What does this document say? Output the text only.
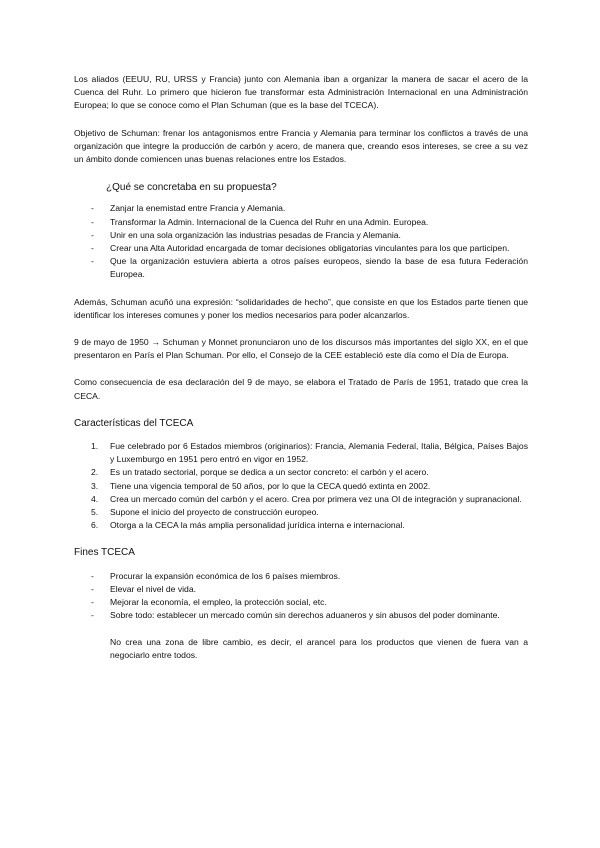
Los aliados (EEUU, RU, URSS y Francia) junto con Alemania iban a organizar la manera de sacar el acero de la Cuenca del Ruhr. Lo primero que hicieron fue transformar esta Administración Internacional en una Administración Europea; lo que se conoce como el Plan Schuman (que es la base del TCECA).

Objetivo de Schuman: frenar los antagonismos entre Francia y Alemania para terminar los conflictos a través de una organización que integre la producción de carbón y acero, de manera que, creando esos intereses, se cree a su vez un ámbito donde comiencen unas buenas relaciones entre los Estados.

¿Qué se concretaba en su propuesta?
- Zanjar la enemistad entre Francia y Alemania.
- Transformar la Admin. Internacional de la Cuenca del Ruhr en una Admin. Europea.
- Unir en una sola organización las industrias pesadas de Francia y Alemania.
- Crear una Alta Autoridad encargada de tomar decisiones obligatorias vinculantes para los que participen.
- Que la organización estuviera abierta a otros países europeos, siendo la base de esa futura Federación Europea.

Además, Schuman acuñó una expresión: “solidaridades de hecho”, que consiste en que los Estados parte tienen que identificar los intereses comunes y poner los medios necesarios para poder alcanzarlos.

9 de mayo de 1950 → Schuman y Monnet pronunciaron uno de los discursos más importantes del siglo XX, en el que presentaron en París el Plan Schuman. Por ello, el Consejo de la CEE estableció este día como el Día de Europa.

Como consecuencia de esa declaración del 9 de mayo, se elabora el Tratado de París de 1951, tratado que crea la CECA.

Características del TCECA
1. Fue celebrado por 6 Estados miembros (originarios): Francia, Alemania Federal, Italia, Bélgica, Países Bajos y Luxemburgo en 1951 pero entró en vigor en 1952.
2. Es un tratado sectorial, porque se dedica a un sector concreto: el carbón y el acero.
3. Tiene una vigencia temporal de 50 años, por lo que la CECA quedó extinta en 2002.
4. Crea un mercado común del carbón y el acero. Crea por primera vez una OI de integración y supranacional.
5. Supone el inicio del proyecto de construcción europeo.
6. Otorga a la CECA la más amplia personalidad jurídica interna e internacional.
Fines TCECA
- Procurar la expansión económica de los 6 países miembros.
- Elevar el nivel de vida.
- Mejorar la economía, el empleo, la protección social, etc.
- Sobre todo: establecer un mercado común sin derechos aduaneros y sin abusos del poder dominante.

No crea una zona de libre cambio, es decir, el arancel para los productos que vienen de fuera van a negociarlo entre todos.
